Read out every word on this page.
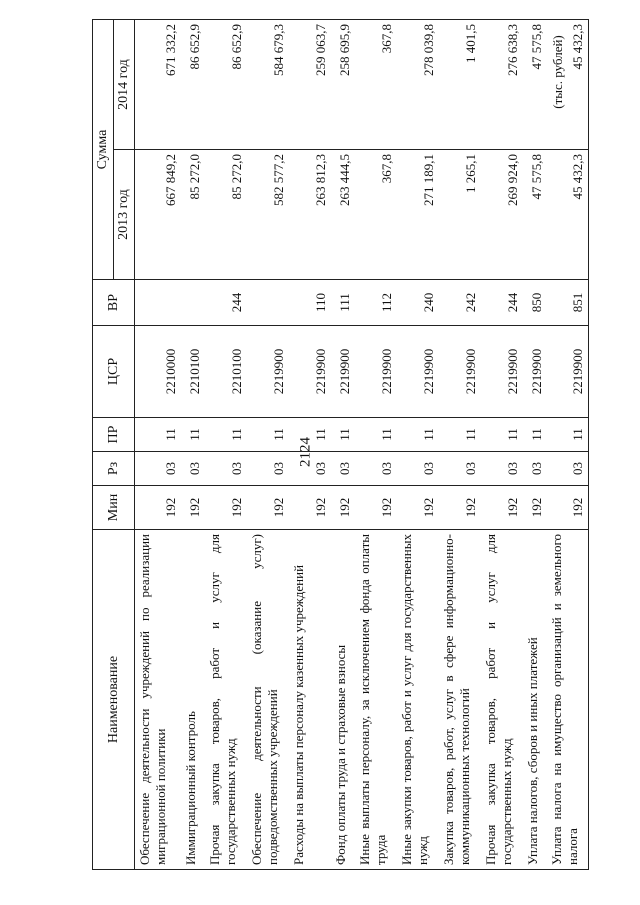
2124
(тыс. рублей)
Наименование	Мин	Рз	ПР	ЦСР	ВР	Сумма	
						2013 год	2014 год
Обеспечение деятельности учреждений по реализации миграционной политики	192	03	11	2210000		667 849,2	671 332,2
Иммиграционный контроль	192	03	11	2210100		85 272,0	86 652,9
Прочая закупка товаров, работ и услуг для государственных нужд	192	03	11	2210100	244	85 272,0	86 652,9
Обеспечение деятельности (оказание услуг) подведомственных учреждений	192	03	11	2219900		582 577,2	584 679,3
Расходы на выплаты персоналу казенных учреждений	192	03	11	2219900	110	263 812,3	259 063,7
Фонд оплаты труда и страховые взносы	192	03	11	2219900	111	263 444,5	258 695,9
Иные выплаты персоналу, за исключением фонда оплаты труда	192	03	11	2219900	112	367,8	367,8
Иные закупки товаров, работ и услуг для государственных нужд	192	03	11	2219900	240	271 189,1	278 039,8
Закупка товаров, работ, услуг в сфере информационно-коммуникационных технологий	192	03	11	2219900	242	1 265,1	1 401,5
Прочая закупка товаров, работ и услуг для государственных нужд	192	03	11	2219900	244	269 924,0	276 638,3
Уплата налогов, сборов и иных платежей	192	03	11	2219900	850	47 575,8	47 575,8
Уплата налога на имущество организаций и земельного налога	192	03	11	2219900	851	45 432,3	45 432,3
